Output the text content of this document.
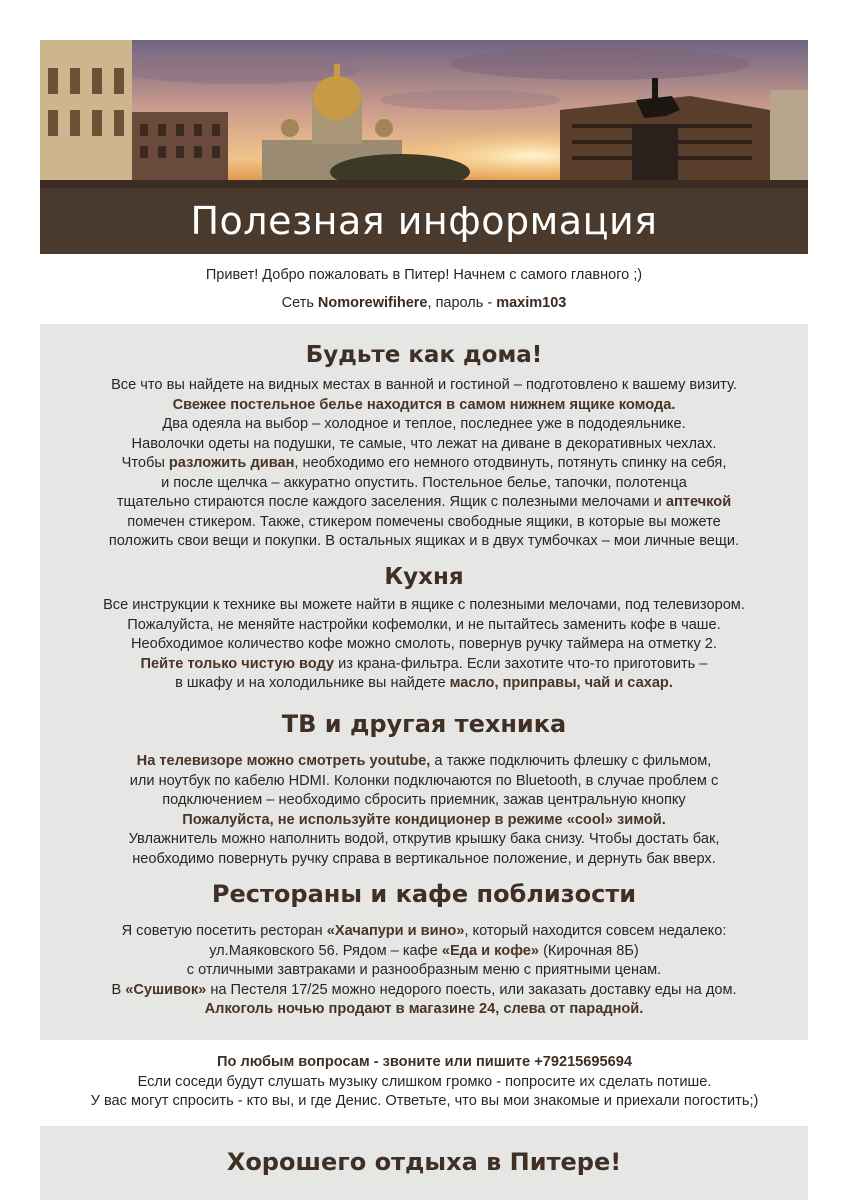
Полезная информация

Привет! Добро пожаловать в Питер! Начнем с самого главного ;)

Сеть Nomorewifihere, пароль - maxim103

Будьте как дома!

Все что вы найдете на видных местах в ванной и гостиной – подготовлено к вашему визиту.
Свежее постельное белье находится в самом нижнем ящике комода.
Два одеяла на выбор – холодное и теплое, последнее уже в пододеяльнике.
Наволочки одеты на подушки, те самые, что лежат на диване в декоративных чехлах.
Чтобы разложить диван, необходимо его немного отодвинуть, потянуть спинку на себя,
и после щелчка – аккуратно опустить. Постельное белье, тапочки, полотенца
тщательно стираются после каждого заселения. Ящик с полезными мелочами и аптечкой
помечен стикером. Также, стикером помечены свободные ящики, в которые вы можете
положить свои вещи и покупки. В остальных ящиках и в двух тумбочках – мои личные вещи.

Кухня

Все инструкции к технике вы можете найти в ящике с полезными мелочами, под телевизором.
Пожалуйста, не меняйте настройки кофемолки, и не пытайтесь заменить кофе в чаше.
Необходимое количество кофе можно смолоть, повернув ручку таймера на отметку 2.
Пейте только чистую воду из крана-фильтра. Если захотите что-то приготовить –
в шкафу и на холодильнике вы найдете масло, приправы, чай и сахар.

ТВ и другая техника

На телевизоре можно смотреть youtube, а также подключить флешку с фильмом,
или ноутбук по кабелю HDMI. Колонки подключаются по Bluetooth, в случае проблем с
подключением – необходимо сбросить приемник, зажав центральную кнопку
Пожалуйста, не используйте кондиционер в режиме «cool» зимой.
Увлажнитель можно наполнить водой, открутив крышку бака снизу. Чтобы достать бак,
необходимо повернуть ручку справа в вертикальное положение, и дернуть бак вверх.

Рестораны и кафе поблизости

Я советую посетить ресторан «Хачапури и вино», который находится совсем недалеко:
ул.Маяковского 56. Рядом – кафе «Еда и кофе» (Кирочная 8Б)
с отличными завтраками и разнообразным меню с приятными ценам.
В «Сушивок» на Пестеля 17/25 можно недорого поесть, или заказать доставку еды на дом.
Алкоголь ночью продают в магазине 24, слева от парадной.

По любым вопросам - звоните или пишите +79215695694
Если соседи будут слушать музыку слишком громко - попросите их сделать потише.
У вас могут спросить - кто вы, и где Денис. Ответьте, что вы мои знакомые и приехали погостить;)
Хорошего отдыха в Питере!
